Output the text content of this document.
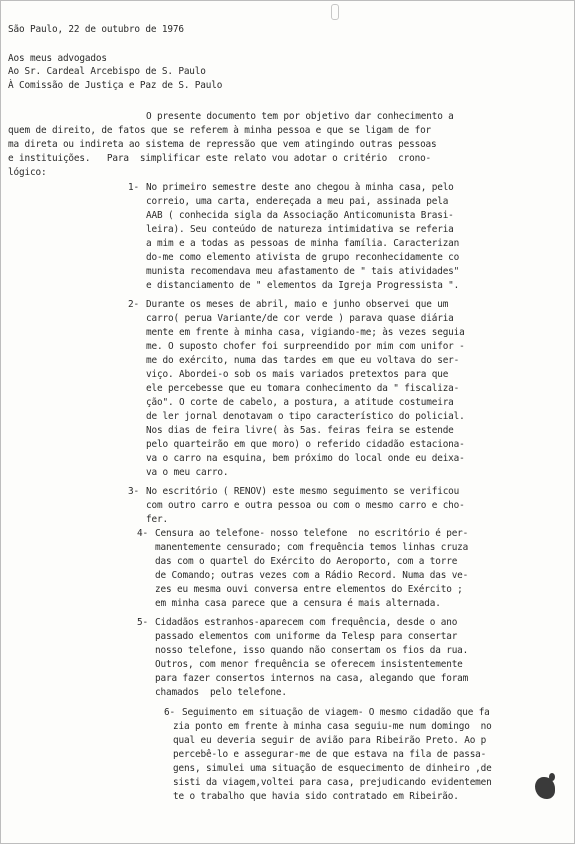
São Paulo, 22 de outubro de 1976
Aos meus advogados
Ao Sr. Cardeal Arcebispo de S. Paulo
À Comissão de Justiça e Paz de S. Paulo
O presente documento tem por objetivo dar conhecimento a
quem de direito, de fatos que se referem à minha pessoa e que se ligam de for
ma direta ou indireta ao sistema de repressão que vem atingindo outras pessoas
e instituições.   Para  simplificar este relato vou adotar o critério  crono-
lógico:
1- No primeiro semestre deste ano chegou à minha casa, pelo
correio, uma carta, endereçada a meu pai, assinada pela
AAB ( conhecida sigla da Associação Anticomunista Brasi-
leira). Seu conteúdo de natureza intimidativa se referia
a mim e a todas as pessoas de minha família. Caracterizan
do-me como elemento ativista de grupo reconhecidamente co
munista recomendava meu afastamento de " tais atividades"
e distanciamento de " elementos da Igreja Progressista ".
2- Durante os meses de abril, maio e junho observei que um
carro( perua Variante/de cor verde ) parava quase diária
mente em frente à minha casa, vigiando-me; às vezes seguia
me. O suposto chofer foi surpreendido por mim com unifor -
me do exército, numa das tardes em que eu voltava do ser-
viço. Abordei-o sob os mais variados pretextos para que
ele percebesse que eu tomara conhecimento da " fiscaliza-
ção". O corte de cabelo, a postura, a atitude costumeira
de ler jornal denotavam o tipo característico do policial.
Nos dias de feira livre( às 5as. feiras feira se estende
pelo quarteirão em que moro) o referido cidadão estaciona-
va o carro na esquina, bem próximo do local onde eu deixa-
va o meu carro.
3- No escritório ( RENOV) este mesmo seguimento se verificou
com outro carro e outra pessoa ou com o mesmo carro e cho-
fer.
4- Censura ao telefone- nosso telefone  no escritório é per-
manentemente censurado; com frequência temos linhas cruza
das com o quartel do Exército do Aeroporto, com a torre
de Comando; outras vezes com a Rádio Record. Numa das ve-
zes eu mesma ouvi conversa entre elementos do Exército ;
em minha casa parece que a censura é mais alternada.
5- Cidadãos estranhos-aparecem com frequência, desde o ano
passado elementos com uniforme da Telesp para consertar
nosso telefone, isso quando não consertam os fios da rua.
Outros, com menor frequência se oferecem insistentemente
para fazer consertos internos na casa, alegando que foram
chamados  pelo telefone.
6- Seguimento em situação de viagem- O mesmo cidadão que fa
zia ponto em frente à minha casa seguiu-me num domingo  no
qual eu deveria seguir de avião para Ribeirão Preto. Ao p
percebê-lo e assegurar-me de que estava na fila de passa-
gens, simulei uma situação de esquecimento de dinheiro ,de
sisti da viagem,voltei para casa, prejudicando evidentemen
te o trabalho que havia sido contratado em Ribeirão.
